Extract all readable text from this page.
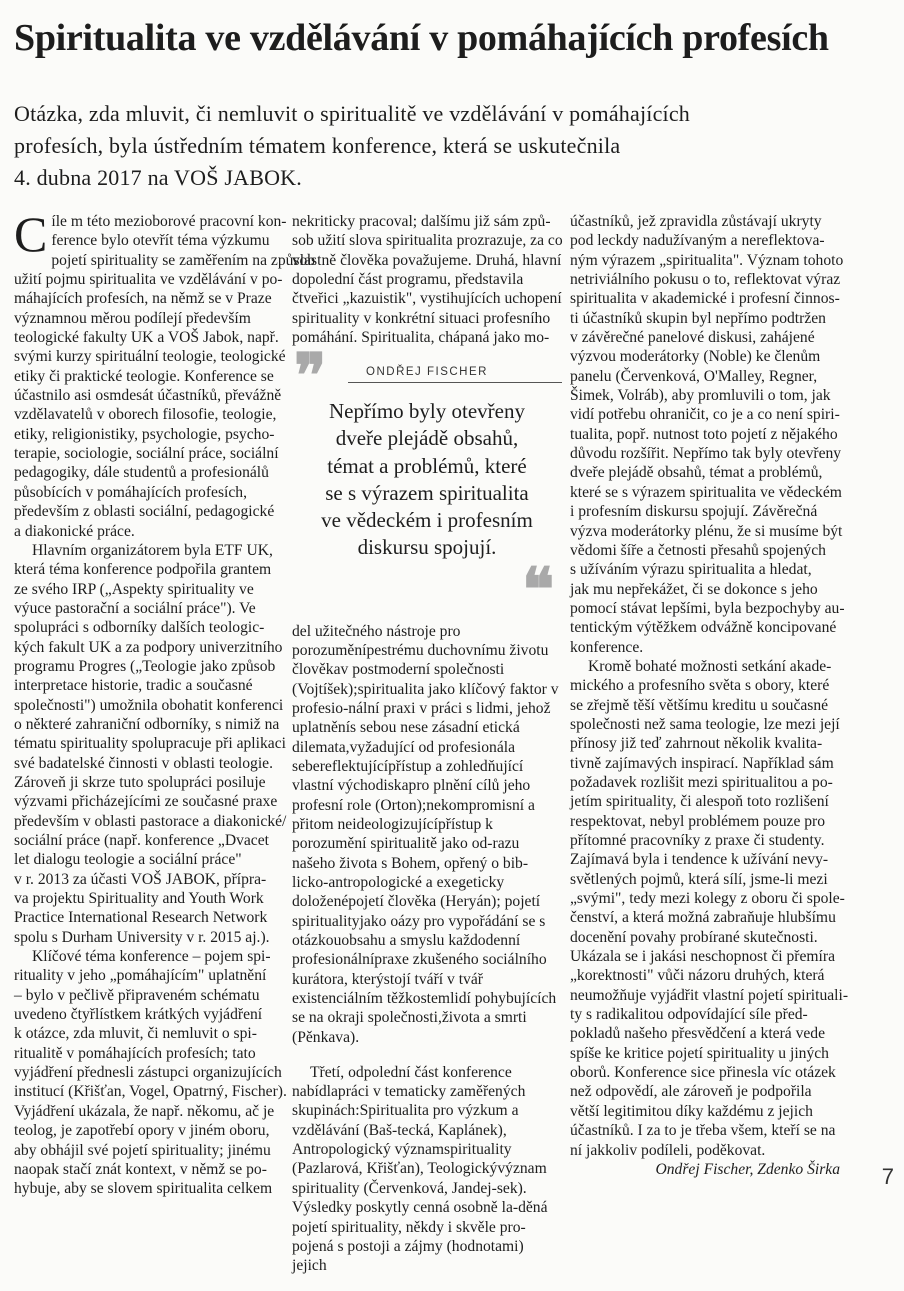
Spiritualita ve vzdělávání v pomáhajících profesích
Otázka, zda mluvit, či nemluvit o spiritualitě ve vzdělávání v pomáhajících
profesích, byla ústředním tématem konference, která se uskutečnila
4. dubna 2017 na VOŠ JABOK.

C íle m této mezioborové pracovní kon-
ference bylo otevřít téma výzkumu
pojetí spirituality se zaměřením na způsob
užití pojmu spiritualita ve vzdělávání v po-
máhajících profesích, na němž se v Praze
významnou měrou podílejí především
teologické fakulty UK a VOŠ Jabok, např.
svými kurzy spirituální teologie, teologické
etiky či praktické teologie. Konference se
účastnilo asi osmdesát účastníků, převážně
vzdělavatelů v oborech filosofie, teologie,
etiky, religionistiky, psychologie, psycho-
terapie, sociologie, sociální práce, sociální
pedagogiky, dále studentů a profesionálů
působících v pomáhajících profesích,
především z oblasti sociální, pedagogické
a diakonické práce.

Hlavním organizátorem byla ETF UK,
která téma konference podpořila grantem
ze svého IRP („Aspekty spirituality ve
výuce pastorační a sociální práce"). Ve
spolupráci s odborníky dalších teologic-
kých fakult UK a za podpory univerzitního
programu Progres („Teologie jako způsob
interpretace historie, tradic a současné
společnosti") umožnila obohatit konferenci
o některé zahraniční odborníky, s nimiž na
tématu spirituality spolupracuje při aplikaci
své badatelské činnosti v oblasti teologie.
Zároveň ji skrze tuto spolupráci posiluje
výzvami přicházejícími ze současné praxe
především v oblasti pastorace a diakonické/
sociální práce (např. konference „Dvacet
let dialogu teologie a sociální práce"
v r. 2013 za účasti VOŠ JABOK, přípra-
va projektu Spirituality and Youth Work
Practice International Research Network
spolu s Durham University v r. 2015 aj.).

Klíčové téma konference – pojem spi-
rituality v jeho „pomáhajícím" uplatnění
– bylo v pečlivě připraveném schématu
uvedeno čtyřlístkem krátkých vyjádření
k otázce, zda mluvit, či nemluvit o spi-
ritualitě v pomáhajících profesích; tato
vyjádření přednesli zástupci organizujících
institucí (Křišťan, Vogel, Opatrný, Fischer).
Vyjádření ukázala, že např. někomu, ač je
teolog, je zapotřebí opory v jiném oboru,
aby obhájil své pojetí spirituality; jinému
naopak stačí znát kontext, v němž se po-
hybuje, aby se slovem spiritualita celkem

nekriticky pracoval; dalšímu již sám způ-
sob užití slova spiritualita prozrazuje, za co
vlastně člověka považujeme. Druhá, hlavní
dopolední část programu, představila
čtveřici „kazuistik", vystihujících uchopení
spirituality v konkrétní situaci profesního
pomáhání. Spiritualita, chápaná jako mo-

❞	ONDŘEJ FISCHER
Nepřímo byly otevřeny
dveře plejádě obsahů,
témat a problémů, které
se s výrazem spiritualita
ve vědeckém i profesním
diskursu spojují.
❝

del užitečného nástroje pro porozuměnípestrému duchovnímu životu člověkav postmoderní společnosti (Vojtíšek);spiritualita jako klíčový faktor v profesio-nální praxi v práci s lidmi, jehož uplatněnís sebou nese zásadní etická dilemata,vyžadující od profesionála sebereflektujícípřístup a zohledňující vlastní východiskapro plnění cílů jeho profesní role (Orton);nekompromisní a přitom neideologizujícípřístup k porozumění spiritualitě jako od-razu našeho života s Bohem, opřený o bib-licko-antropologické a exegeticky doloženépojetí člověka (Heryán); pojetí spiritualityjako oázy pro vypořádání se s otázkouobsahu a smyslu každodenní profesionálnípraxe zkušeného sociálního kurátora, kterýstojí tváří v tvář existenciálním těžkostemlidí pohybujících se na okraji společnosti,života a smrti (Pěnkava).

Třetí, odpolední část konference nabídlapráci v tematicky zaměřených skupinách:Spiritualita pro výzkum a vzdělávání (Baš-tecká, Kaplánek), Antropologický významspirituality (Pazlarová, Křišťan), Teologickývýznam spirituality (Červenková, Jandej-sek). Výsledky poskytly cenná osobně la-děná pojetí spirituality, někdy i skvěle pro-pojená s postoji a zájmy (hodnotami) jejich

účastníků, jež zpravidla zůstávají ukryty
pod leckdy nadužívaným a nereflektova-
ným výrazem „spiritualita". Význam tohoto
netriviálního pokusu o to, reflektovat výraz
spiritualita v akademické i profesní činnos-
ti účastníků skupin byl nepřímo podtržen
v závěrečné panelové diskusi, zahájené
výzvou moderátorky (Noble) ke členům
panelu (Červenková, O'Malley, Regner,
Šimek, Volráb), aby promluvili o tom, jak
vidí potřebu ohraničit, co je a co není spiri-
tualita, popř. nutnost toto pojetí z nějakého
důvodu rozšířit. Nepřímo tak byly otevřeny
dveře plejádě obsahů, témat a problémů,
které se s výrazem spiritualita ve vědeckém
i profesním diskursu spojují. Závěrečná
výzva moderátorky plénu, že si musíme být
vědomi šíře a četnosti přesahů spojených
s užíváním výrazu spiritualita a hledat,
jak mu nepřekážet, či se dokonce s jeho
pomocí stávat lepšími, byla bezpochyby au-
tentickým výtěžkem odvážně koncipované
konference.

Kromě bohaté možnosti setkání akade-
mického a profesního světa s obory, které
se zřejmě těší většímu kreditu u současné
společnosti než sama teologie, lze mezi její
přínosy již teď zahrnout několik kvalita-
tivně zajímavých inspirací. Například sám
požadavek rozlišit mezi spiritualitou a po-
jetím spirituality, či alespoň toto rozlišení
respektovat, nebyl problémem pouze pro
přítomné pracovníky z praxe či studenty.
Zajímavá byla i tendence k užívání nevy-
světlených pojmů, která sílí, jsme-li mezi
„svými", tedy mezi kolegy z oboru či spole-
čenství, a která možná zabraňuje hlubšímu
docenění povahy probírané skutečnosti.
Ukázala se i jakási neschopnost či přemíra
„korektnosti" vůči názoru druhých, která
neumožňuje vyjádřit vlastní pojetí spirituali-
ty s radikalitou odpovídající síle před-
pokladů našeho přesvědčení a která vede
spíše ke kritice pojetí spirituality u jiných
oborů. Konference sice přinesla víc otázek
než odpovědí, ale zároveň je podpořila
větší legitimitou díky každému z jejich
účastníků. I za to je třeba všem, kteří se na
ní jakkoliv podíleli, poděkovat.

Ondřej Fischer, Zdenko Širka 7
